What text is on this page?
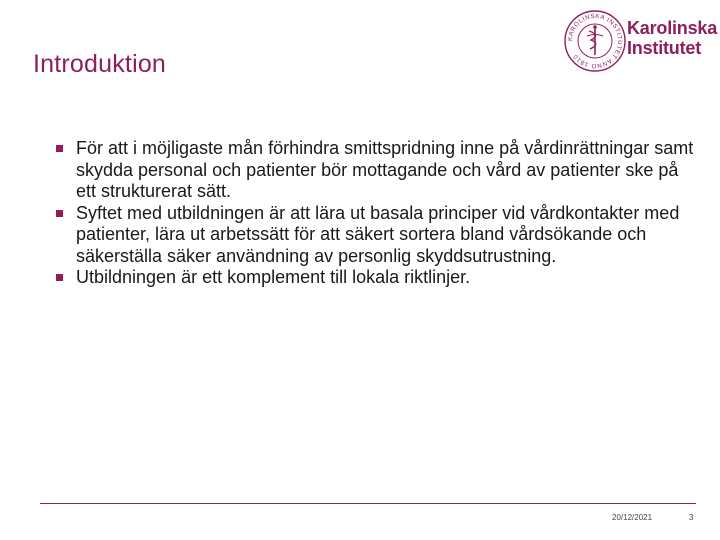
Introduktion
KAROLINSKA INSTITUTET ANNO 1810
Karolinska
Institutet
För att i möjligaste mån förhindra smittspridning inne på vårdinrättningar samt skydda personal och patienter bör mottagande och vård av patienter ske på ett strukturerat sätt.
Syftet med utbildningen är att lära ut basala principer vid vårdkontakter med patienter, lära ut arbetssätt för att säkert sortera bland vårdsökande och säkerställa säker användning av personlig skyddsutrustning.
Utbildningen är ett komplement till lokala riktlinjer.
20/12/2021	3
